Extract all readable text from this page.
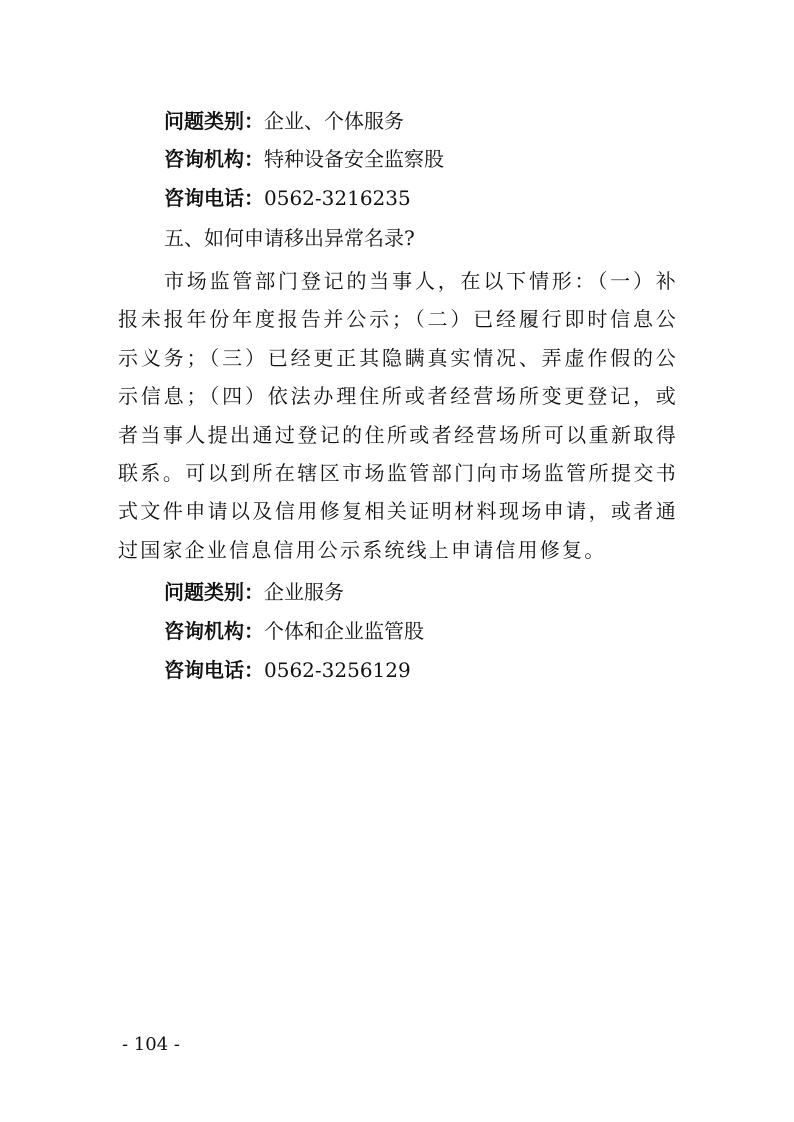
问题类别：企业、个体服务
咨询机构：特种设备安全监察股
咨询电话：0562-3216235
五、如何申请移出异常名录?

市场监管部门登记的当事人，在以下情形：（一）补报未报年份年度报告并公示；（二）已经履行即时信息公示义务；（三）已经更正其隐瞒真实情况、弄虚作假的公示信息；（四）依法办理住所或者经营场所变更登记，或者当事人提出通过登记的住所或者经营场所可以重新取得联系。可以到所在辖区市场监管部门向市场监管所提交书式文件申请以及信用修复相关证明材料现场申请，或者通过国家企业信息信用公示系统线上申请信用修复。

问题类别：企业服务
咨询机构：个体和企业监管股
咨询电话：0562-3256129
- 104 -
